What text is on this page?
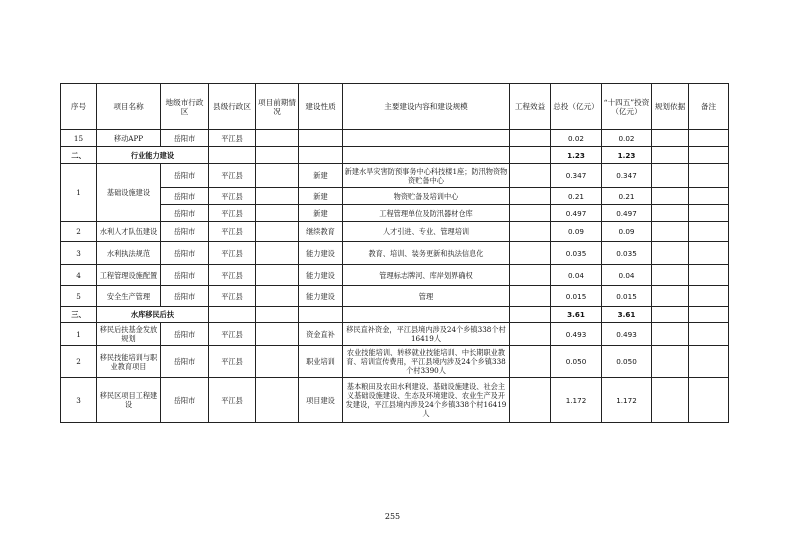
序号	项目名称	地级市行政区	县级行政区	项目前期情况	建设性质	主要建设内容和建设规模	工程效益	总投（亿元）	“十四五”投资（亿元）	规划依据	备注
15	移动APP	岳阳市	平江县					0.02	0.02		
二、	行业能力建设							1.23	1.23		
1	基础设施建设	岳阳市	平江县		新建	新建水旱灾害防预事务中心科技楼1座；防汛物资物资贮备中心		0.347	0.347		
		岳阳市	平江县		新建	物资贮备及培训中心		0.21	0.21		
		岳阳市	平江县		新建	工程管理单位及防汛器材仓库		0.497	0.497		
2	水利人才队伍建设	岳阳市	平江县		继续教育	人才引进、专业、管理培训		0.09	0.09		
3	水利执法规范	岳阳市	平江县		能力建设	教育、培训、装务更新和执法信息化		0.035	0.035		
4	工程管理设施配置	岳阳市	平江县		能力建设	管理标志牌河、库岸划界确权		0.04	0.04		
5	安全生产管理	岳阳市	平江县		能力建设	管理		0.015	0.015		
三、	水库移民后扶							3.61	3.61		
1	移民后扶基金发放规划	岳阳市	平江县		资金直补	移民直补资金，平江县境内涉及24个乡镇338个村16419人		0.493	0.493		
2	移民技能培训与职业教育项目	岳阳市	平江县		职业培训	农业技能培训、转移就业技能培训、中长期职业教育、培训宣传费用，平江县境内涉及24个乡镇338个村3390人		0.050	0.050		
3	移民区项目工程建设	岳阳市	平江县		项目建设	基本粮田及农田水利建设、基础设施建设、社会主义基础设施建设、生态及环境建设、农业生产及开发建设，平江县境内涉及24个乡镇338个村16419人		1.172	1.172		
255
